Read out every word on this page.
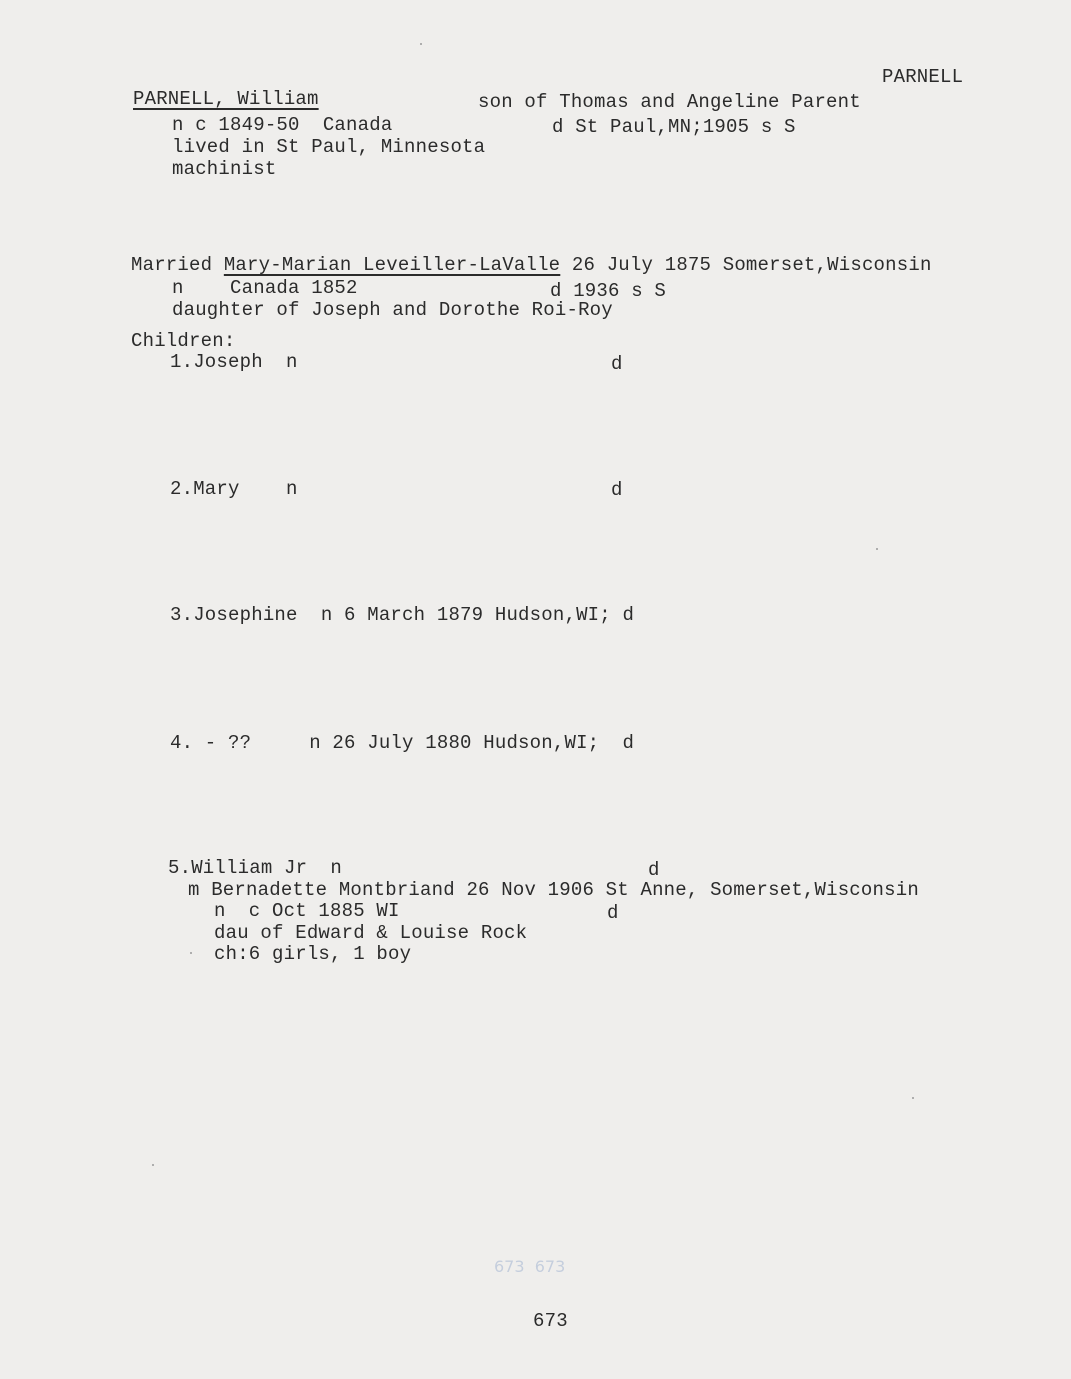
PARNELL
PARNELL, William	son of Thomas and Angeline Parent
n c 1849-50  Canada	d St Paul,MN;1905 s S
lived in St Paul, Minnesota
machinist
Married Mary-Marian Leveiller-LaValle 26 July 1875 Somerset,Wisconsin
n    Canada 1852	d 1936 s S
daughter of Joseph and Dorothe Roi-Roy
Children:
1.Joseph  n	d
2.Mary    n	d
3.Josephine  n 6 March 1879 Hudson,WI; d
4. - ??     n 26 July 1880 Hudson,WI;  d
5.William Jr  n	d
m Bernadette Montbriand 26 Nov 1906 St Anne, Somerset,Wisconsin
n  c Oct 1885 WI	d
dau of Edward & Louise Rock
ch:6 girls, 1 boy
673  673
673
